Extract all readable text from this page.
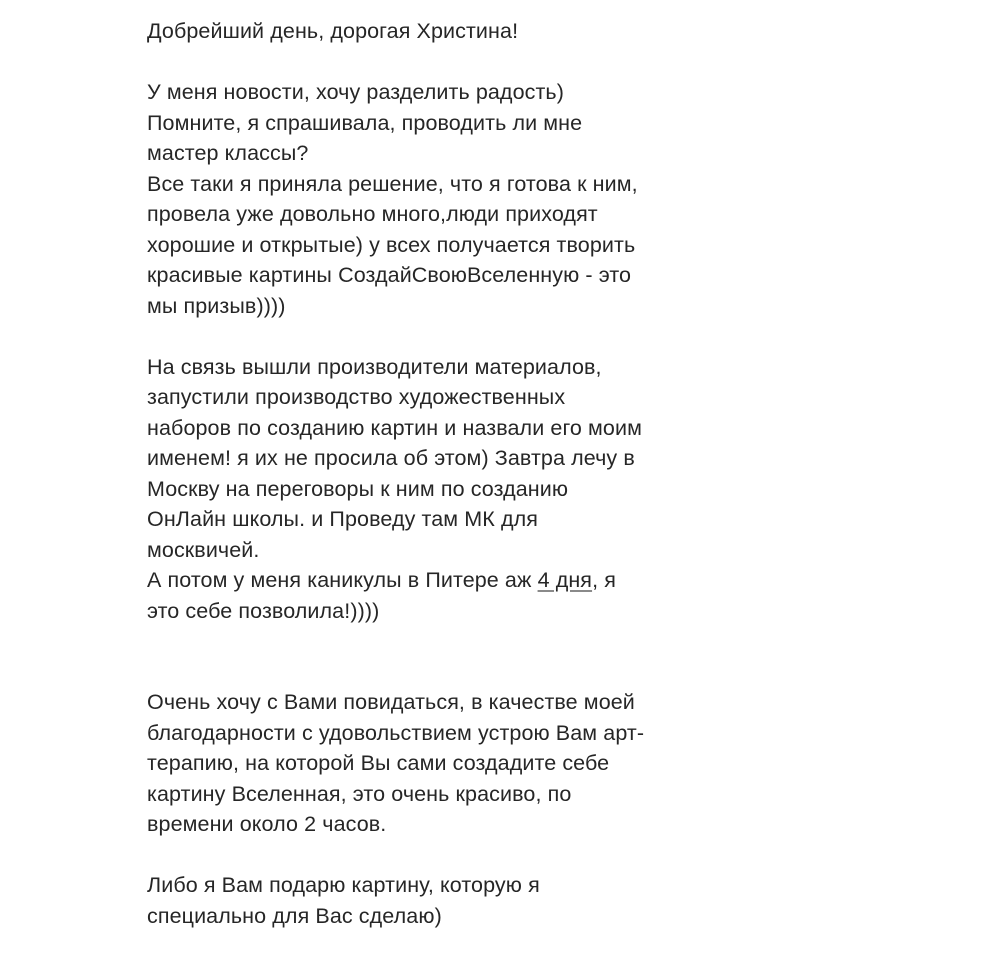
Добрейший день, дорогая Христина!
У меня новости, хочу разделить радость)
Помните, я спрашивала, проводить ли мне
мастер классы?
Все таки я приняла решение, что я готова к ним,
провела уже довольно много,люди приходят
хорошие и открытые) у всех получается творить
красивые картины СоздайСвоюВселенную - это
мы призыв))))
На связь вышли производители материалов,
запустили производство художественных
наборов по созданию картин и назвали его моим
именем! я их не просила об этом) Завтра лечу в
Москву на переговоры к ним по созданию
ОнЛайн школы. и Проведу там МК для
москвичей.
А потом у меня каникулы в Питере аж 4 дня, я
это себе позволила!))))
Очень хочу с Вами повидаться, в качестве моей
благодарности с удовольствием устрою Вам арт-
терапию, на которой Вы сами создадите себе
картину Вселенная, это очень красиво, по
времени около 2 часов.
Либо я Вам подарю картину, которую я
специально для Вас сделаю)
